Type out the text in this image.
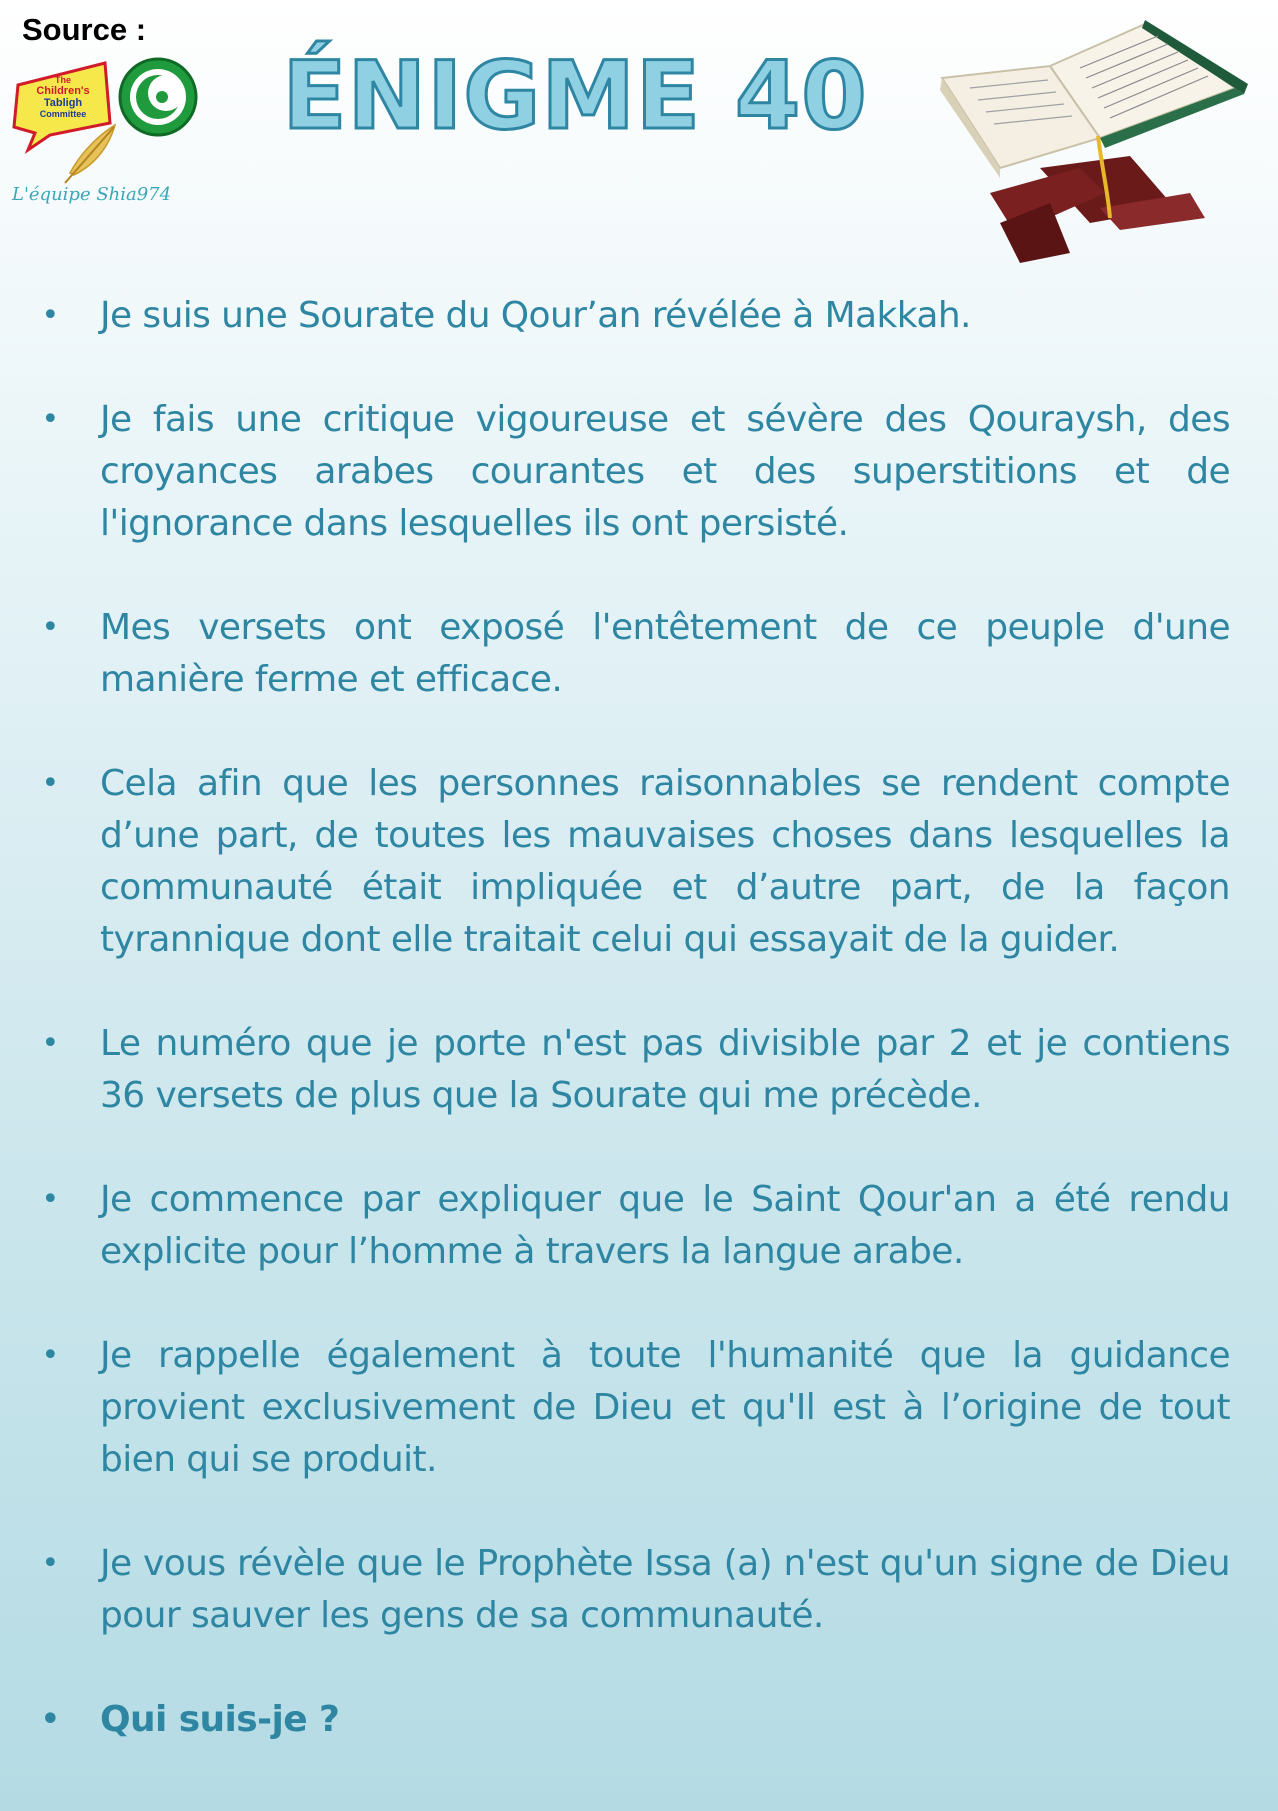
Source :
The
Children's
Tabligh
Committee
L'équipe Shia974
ÉNIGME 40
• Je suis une Sourate du Qour’an révélée à Makkah.
• Je fais une critique vigoureuse et sévère des Qouraysh, des croyances arabes courantes et des superstitions et de l'ignorance dans lesquelles ils ont persisté.
• Mes versets ont exposé l'entêtement de ce peuple d'une manière ferme et efficace.
• Cela afin que les personnes raisonnables se rendent compte d’une part, de toutes les mauvaises choses dans lesquelles la communauté était impliquée et d’autre part, de la façon tyrannique dont elle traitait celui qui essayait de la guider.
• Le numéro que je porte n'est pas divisible par 2 et je contiens 36 versets de plus que la Sourate qui me précède.
• Je commence par expliquer que le Saint Qour'an a été rendu explicite pour l’homme à travers la langue arabe.
• Je rappelle également à toute l'humanité que la guidance provient exclusivement de Dieu et qu'Il est à l’origine de tout bien qui se produit.
• Je vous révèle que le Prophète Issa (a) n'est qu'un signe de Dieu pour sauver les gens de sa communauté.
• Qui suis-je ?
